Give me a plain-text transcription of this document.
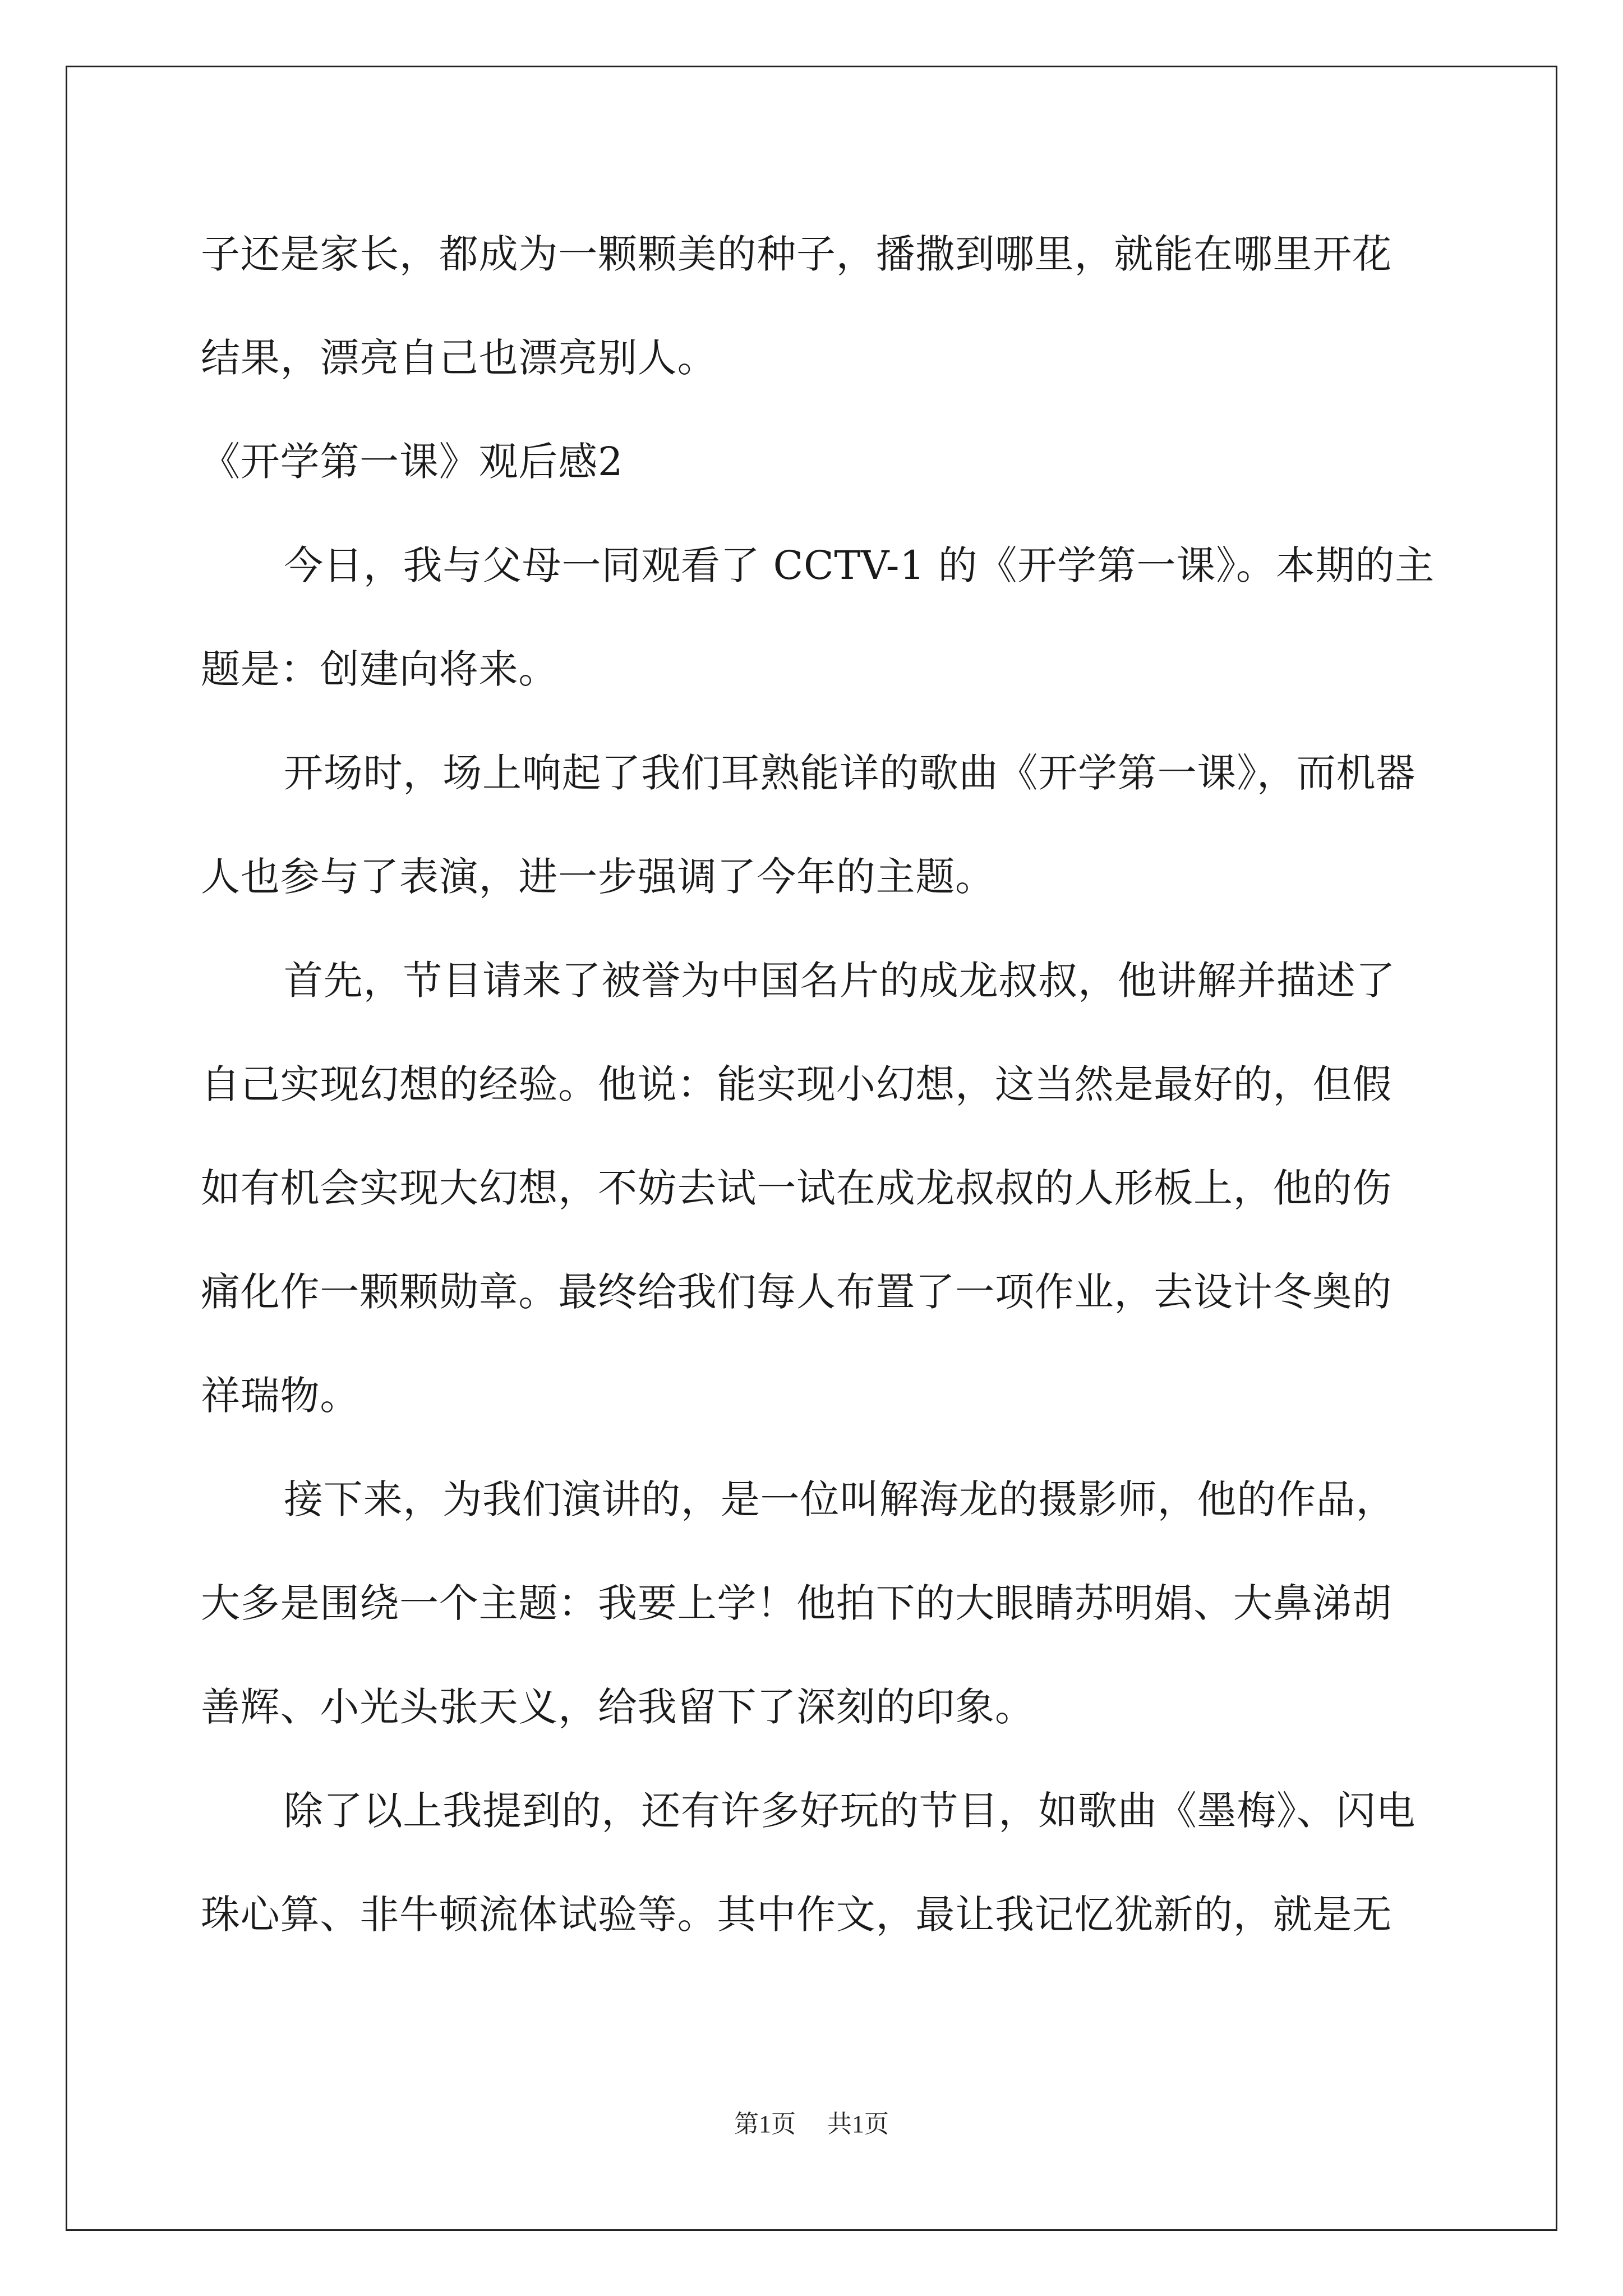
子还是家长，都成为一颗颗美的种子，播撒到哪里，就能在哪里开花
结果，漂亮自己也漂亮别人。
《开学第一课》观后感2
今日，我与父母一同观看了 CCTV-1 的《开学第一课》。本期的主
题是：创建向将来。
开场时，场上响起了我们耳熟能详的歌曲《开学第一课》，而机器
人也参与了表演，进一步强调了今年的主题。
首先，节目请来了被誉为中国名片的成龙叔叔，他讲解并描述了
自己实现幻想的经验。他说：能实现小幻想，这当然是最好的，但假
如有机会实现大幻想，不妨去试一试在成龙叔叔的人形板上，他的伤
痛化作一颗颗勋章。最终给我们每人布置了一项作业，去设计冬奥的
祥瑞物。
接下来，为我们演讲的，是一位叫解海龙的摄影师，他的作品，
大多是围绕一个主题：我要上学！他拍下的大眼睛苏明娟、大鼻涕胡
善辉、小光头张天义，给我留下了深刻的印象。
除了以上我提到的，还有许多好玩的节目，如歌曲《墨梅》、闪电
珠心算、非牛顿流体试验等。其中作文，最让我记忆犹新的，就是无
第1页 共1页
